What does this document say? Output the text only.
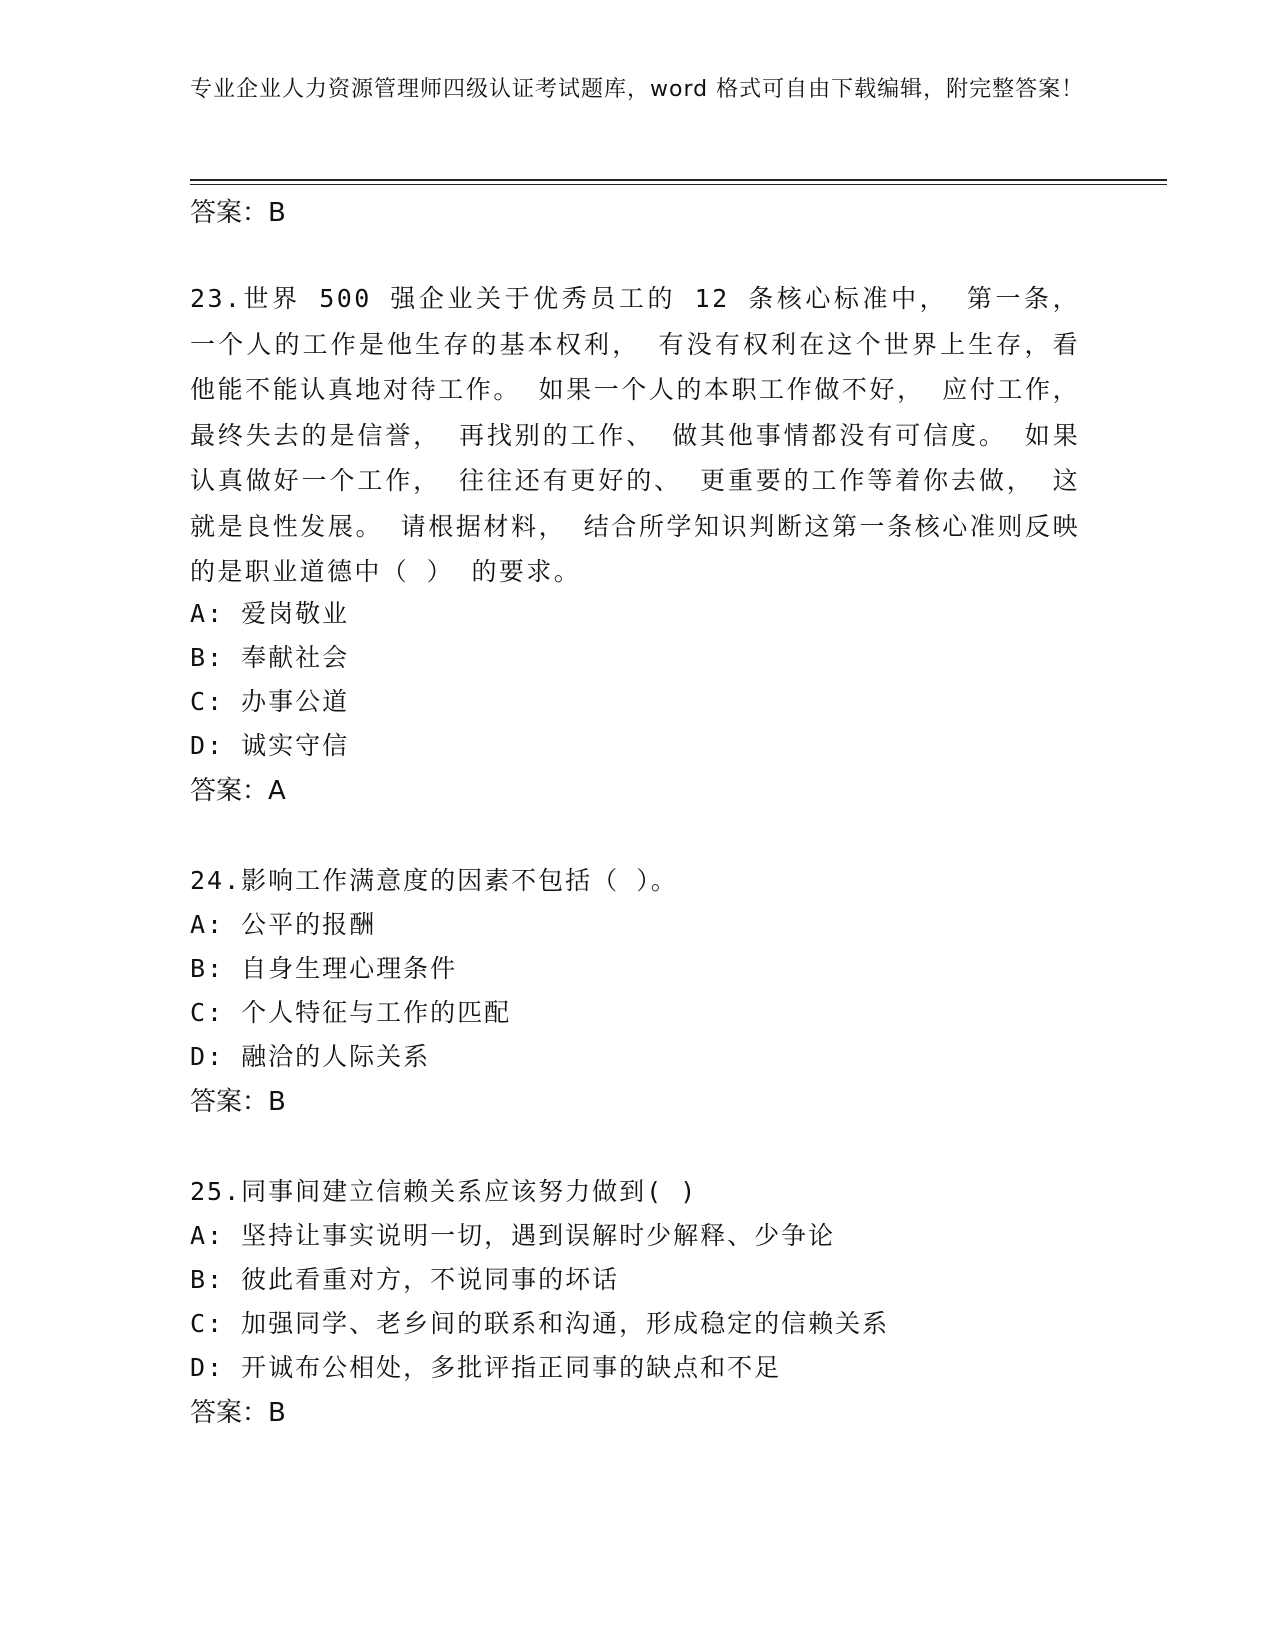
专业企业人力资源管理师四级认证考试题库，word 格式可自由下载编辑，附完整答案！
答案：B
23.世界 500 强企业关于优秀员工的 12 条核心标准中， 第一条， 一个人的工作是他生存的基本权利， 有没有权利在这个世界上生存，看他能不能认真地对待工作。 如果一个人的本职工作做不好， 应付工作， 最终失去的是信誉， 再找别的工作、 做其他事情都没有可信度。 如果认真做好一个工作， 往往还有更好的、 更重要的工作等着你去做， 这就是良性发展。 请根据材料， 结合所学知识判断这第一条核心准则反映的是职业道德中（ ） 的要求。
A: 爱岗敬业
B: 奉献社会
C: 办事公道
D: 诚实守信
答案：A
24.影响工作满意度的因素不包括（ ）。
A: 公平的报酬
B: 自身生理心理条件
C: 个人特征与工作的匹配
D: 融洽的人际关系
答案：B
25.同事间建立信赖关系应该努力做到( )
A: 坚持让事实说明一切，遇到误解时少解释、少争论
B: 彼此看重对方，不说同事的坏话
C: 加强同学、老乡间的联系和沟通，形成稳定的信赖关系
D: 开诚布公相处，多批评指正同事的缺点和不足
答案：B
